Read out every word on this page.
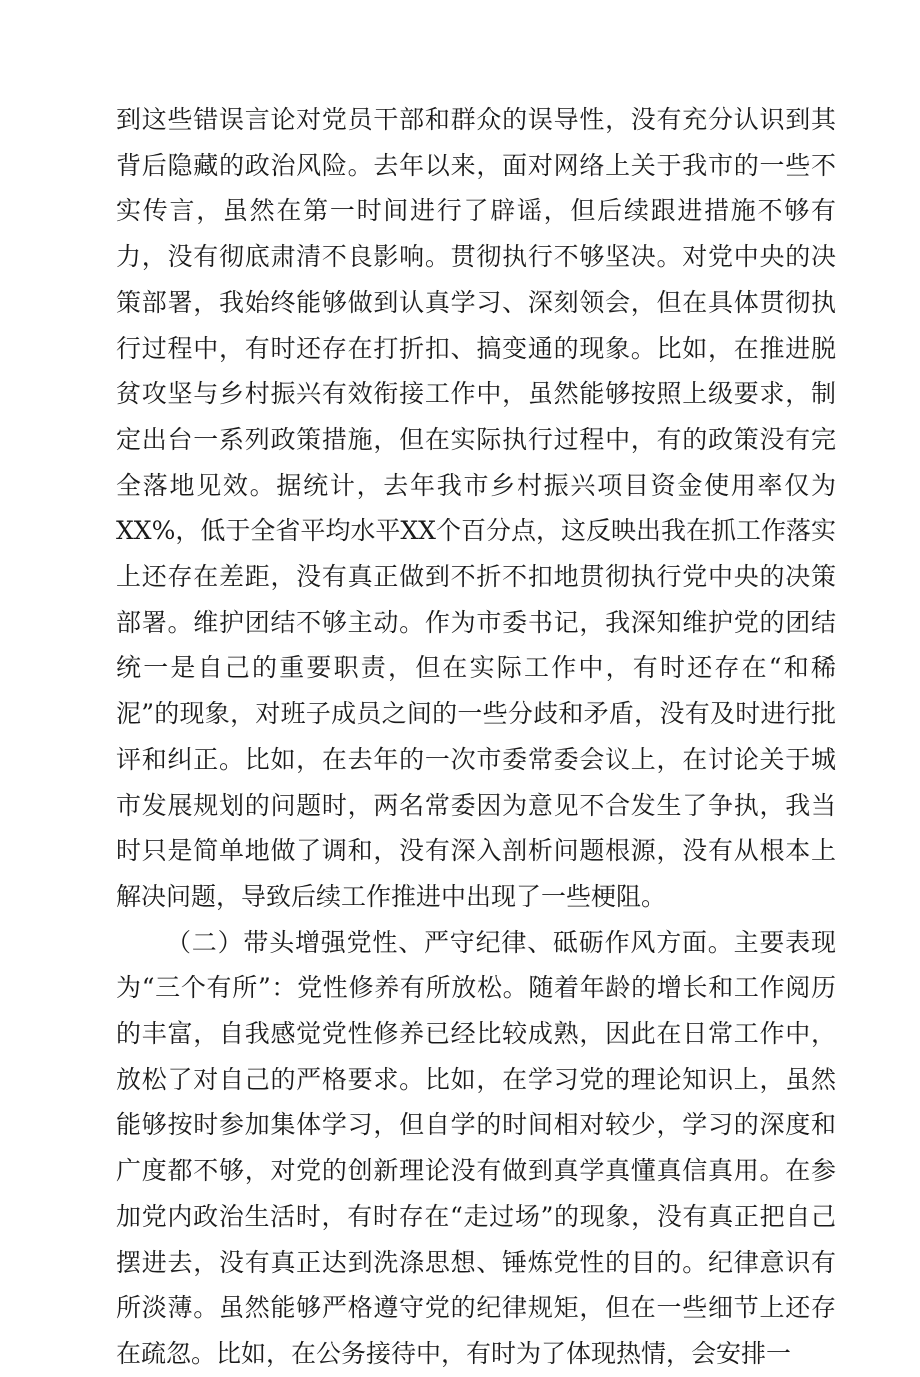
到这些错误言论对党员干部和群众的误导性，没有充分认识到其背后隐藏的政治风险。去年以来，面对网络上关于我市的一些不实传言，虽然在第一时间进行了辟谣，但后续跟进措施不够有力，没有彻底肃清不良影响。贯彻执行不够坚决。对党中央的决策部署，我始终能够做到认真学习、深刻领会，但在具体贯彻执行过程中，有时还存在打折扣、搞变通的现象。比如，在推进脱贫攻坚与乡村振兴有效衔接工作中，虽然能够按照上级要求，制定出台一系列政策措施，但在实际执行过程中，有的政策没有完全落地见效。据统计，去年我市乡村振兴项目资金使用率仅为XX%，低于全省平均水平XX个百分点，这反映出我在抓工作落实上还存在差距，没有真正做到不折不扣地贯彻执行党中央的决策部署。维护团结不够主动。作为市委书记，我深知维护党的团结统一是自己的重要职责，但在实际工作中，有时还存在“和稀泥”的现象，对班子成员之间的一些分歧和矛盾，没有及时进行批评和纠正。比如，在去年的一次市委常委会议上，在讨论关于城市发展规划的问题时，两名常委因为意见不合发生了争执，我当时只是简单地做了调和，没有深入剖析问题根源，没有从根本上解决问题，导致后续工作推进中出现了一些梗阻。

（二）带头增强党性、严守纪律、砥砺作风方面。主要表现为“三个有所”：党性修养有所放松。随着年龄的增长和工作阅历的丰富，自我感觉党性修养已经比较成熟，因此在日常工作中，放松了对自己的严格要求。比如，在学习党的理论知识上，虽然能够按时参加集体学习，但自学的时间相对较少，学习的深度和广度都不够，对党的创新理论没有做到真学真懂真信真用。在参加党内政治生活时，有时存在“走过场”的现象，没有真正把自己摆进去，没有真正达到洗涤思想、锤炼党性的目的。纪律意识有所淡薄。虽然能够严格遵守党的纪律规矩，但在一些细节上还存在疏忽。比如，在公务接待中，有时为了体现热情，会安排一
